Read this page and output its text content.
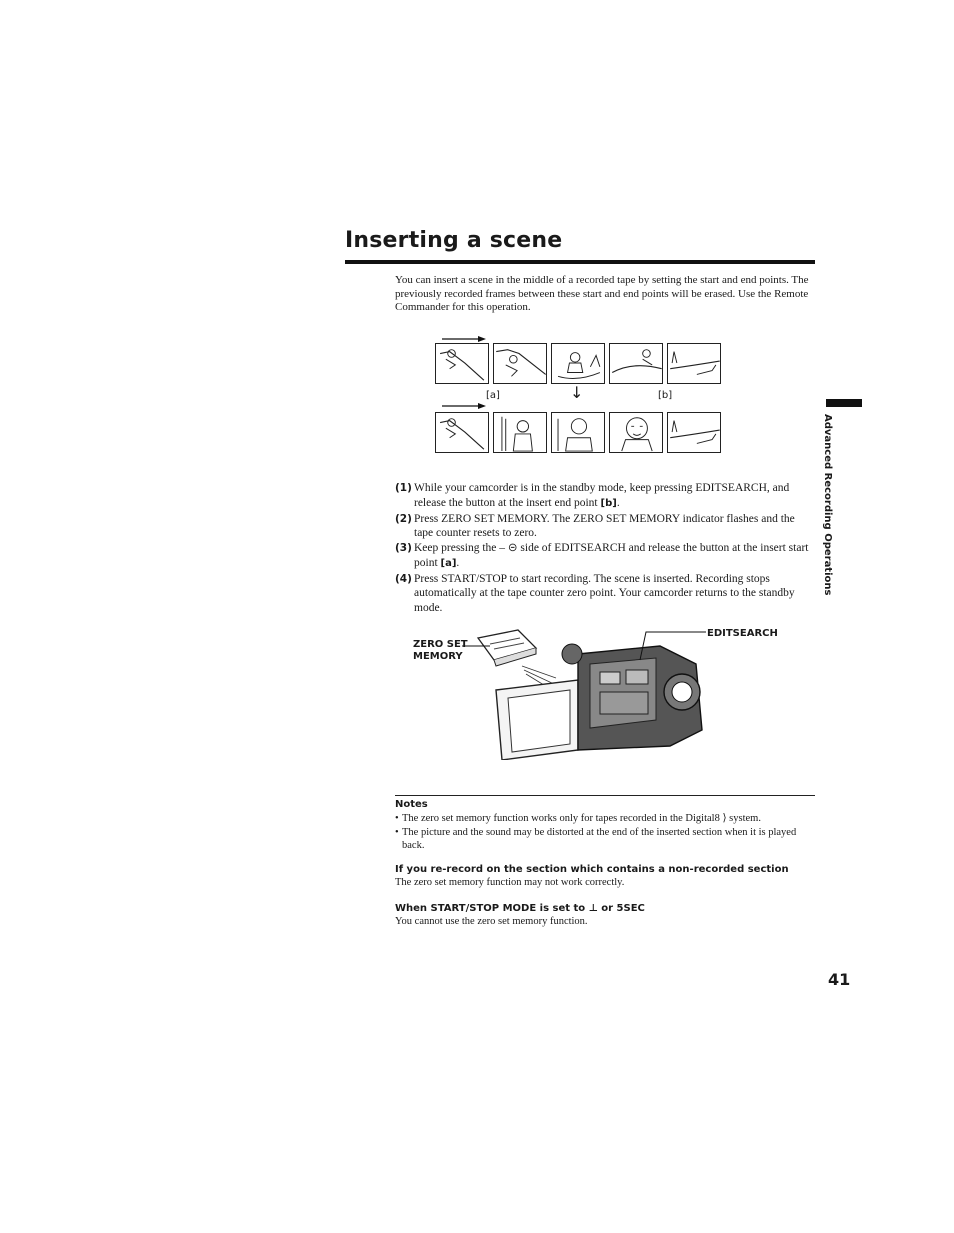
Inserting a scene
You can insert a scene in the middle of a recorded tape by setting the start and end points. The previously recorded frames between these start and end points will be erased. Use the Remote Commander for this operation.
[a]	↓	[b]
(1) While your camcorder is in the standby mode, keep pressing EDITSEARCH, and release the button at the insert end point [b].
(2) Press ZERO SET MEMORY. The ZERO SET MEMORY indicator flashes and the tape counter resets to zero.
(3) Keep pressing the – ⊝ side of EDITSEARCH and release the button at the insert start point [a].
(4) Press START/STOP to start recording. The scene is inserted. Recording stops automatically at the tape counter zero point. Your camcorder returns to the standby mode.
ZERO SET
MEMORY
EDITSEARCH
Notes
• The zero set memory function works only for tapes recorded in the Digital8 ⟩ system.
• The picture and the sound may be distorted at the end of the inserted section when it is played back.
If you re-record on the section which contains a non-recorded section
The zero set memory function may not work correctly.
When START/STOP MODE is set to ⊥ or 5SEC
You cannot use the zero set memory function.
Advanced Recording Operations
41
